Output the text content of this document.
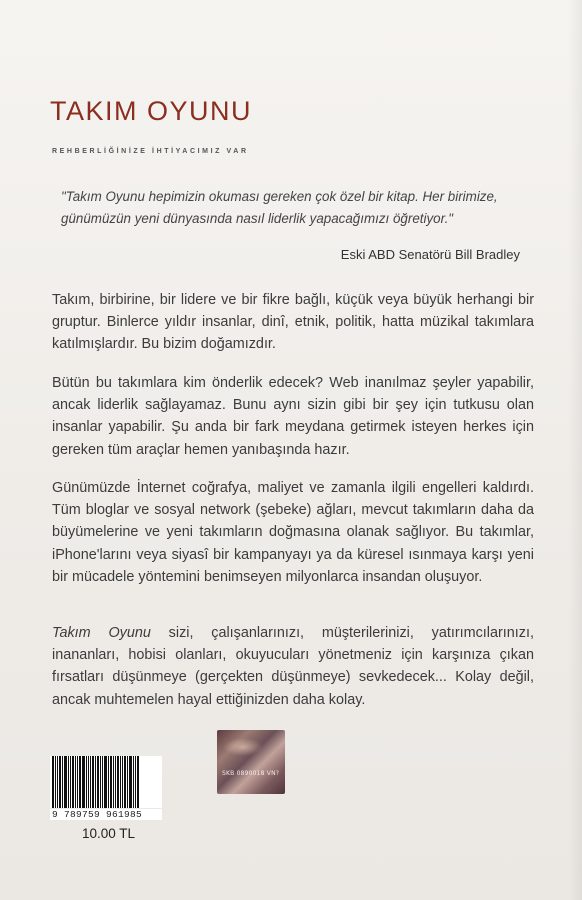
TAKIM OYUNU
REHBERLİĞİNİZE İHTİYACIMIZ VAR
"Takım Oyunu hepimizin okuması gereken çok özel bir kitap. Her birimize, günümüzün yeni dünyasında nasıl liderlik yapacağımızı öğretiyor."
Eski ABD Senatörü Bill Bradley
Takım, birbirine, bir lidere ve bir fikre bağlı, küçük veya büyük herhangi bir gruptur. Binlerce yıldır insanlar, dinî, etnik, politik, hatta müzikal takımlara katılmışlardır. Bu bizim doğamızdır.
Bütün bu takımlara kim önderlik edecek? Web inanılmaz şeyler yapabilir, ancak liderlik sağlayamaz. Bunu aynı sizin gibi bir şey için tutkusu olan insanlar yapabilir. Şu anda bir fark meydana getirmek isteyen herkes için gereken tüm araçlar hemen yanıbaşında hazır.
Günümüzde İnternet coğrafya, maliyet ve zamanla ilgili engelleri kaldırdı. Tüm bloglar ve sosyal network (şebeke) ağları, mevcut takımların daha da büyümelerine ve yeni takımların doğmasına olanak sağlıyor. Bu takımlar, iPhone'larını veya siyasî bir kampanyayı ya da küresel ısınmaya karşı yeni bir mücadele yöntemini benimseyen milyonlarca insandan oluşuyor.
Takım Oyunu sizi, çalışanlarınızı, müşterilerinizi, yatırımcılarınızı, inananları, hobisi olanları, okuyucuları yönetmeniz için karşınıza çıkan fırsatları düşünmeye (gerçekten düşünmeye) sevkedecek... Kolay değil, ancak muhtemelen hayal ettiğinizden daha kolay.
9 789759 961985
10.00 TL
SKB 0890018 VN?
